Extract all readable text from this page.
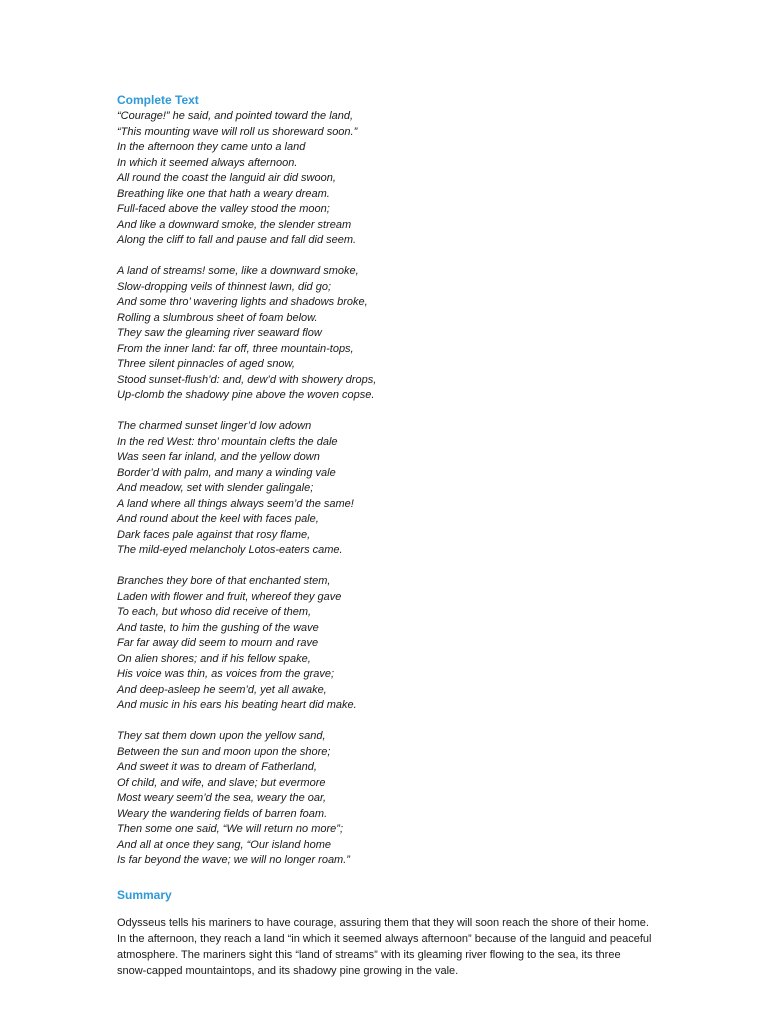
Complete Text
“Courage!” he said, and pointed toward the land,
“This mounting wave will roll us shoreward soon.”
In the afternoon they came unto a land
In which it seemed always afternoon.
All round the coast the languid air did swoon,
Breathing like one that hath a weary dream.
Full-faced above the valley stood the moon;
And like a downward smoke, the slender stream
Along the cliff to fall and pause and fall did seem.
A land of streams! some, like a downward smoke,
Slow-dropping veils of thinnest lawn, did go;
And some thro’ wavering lights and shadows broke,
Rolling a slumbrous sheet of foam below.
They saw the gleaming river seaward flow
From the inner land: far off, three mountain-tops,
Three silent pinnacles of aged snow,
Stood sunset-flush’d: and, dew’d with showery drops,
Up-clomb the shadowy pine above the woven copse.
The charmed sunset linger’d low adown
In the red West: thro’ mountain clefts the dale
Was seen far inland, and the yellow down
Border’d with palm, and many a winding vale
And meadow, set with slender galingale;
A land where all things always seem’d the same!
And round about the keel with faces pale,
Dark faces pale against that rosy flame,
The mild-eyed melancholy Lotos-eaters came.
Branches they bore of that enchanted stem,
Laden with flower and fruit, whereof they gave
To each, but whoso did receive of them,
And taste, to him the gushing of the wave
Far far away did seem to mourn and rave
On alien shores; and if his fellow spake,
His voice was thin, as voices from the grave;
And deep-asleep he seem’d, yet all awake,
And music in his ears his beating heart did make.
They sat them down upon the yellow sand,
Between the sun and moon upon the shore;
And sweet it was to dream of Fatherland,
Of child, and wife, and slave; but evermore
Most weary seem’d the sea, weary the oar,
Weary the wandering fields of barren foam.
Then some one said, “We will return no more”;
And all at once they sang, “Our island home
Is far beyond the wave; we will no longer roam.”
Summary

Odysseus tells his mariners to have courage, assuring them that they will soon reach the shore of their home. In the afternoon, they reach a land “in which it seemed always afternoon” because of the languid and peaceful atmosphere. The mariners sight this “land of streams” with its gleaming river flowing to the sea, its three snow-capped mountaintops, and its shadowy pine growing in the vale.
